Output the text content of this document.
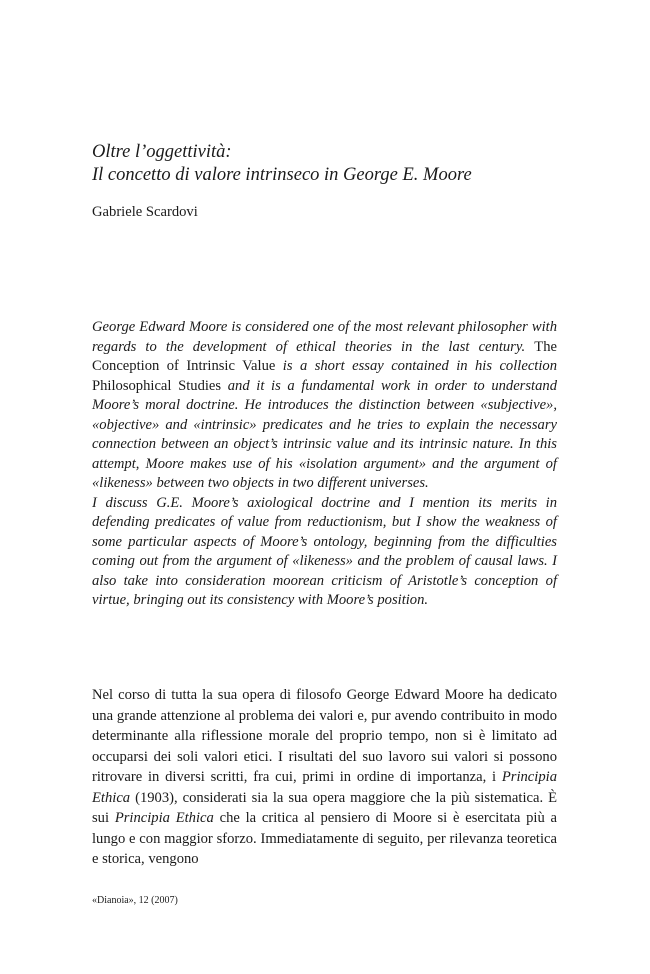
Oltre l’oggettività:

Il concetto di valore intrinseco in George E. Moore

Gabriele Scardovi

George Edward Moore is considered one of the most relevant philosopher with regards to the development of ethical theories in the last century. The Conception of Intrinsic Value is a short essay contained in his collection Philosophical Studies and it is a fundamental work in order to understand Moore’s moral doctrine. He introduces the distinction between «subjective», «objective» and «intrinsic» predicates and he tries to explain the necessary connection between an object’s intrinsic value and its intrinsic nature. In this attempt, Moore makes use of his «isolation argument» and the argument of «likeness» between two objects in two different universes.

I discuss G.E. Moore’s axiological doctrine and I mention its merits in defending predicates of value from reductionism, but I show the weakness of some particular aspects of Moore’s ontology, beginning from the difficulties coming out from the argument of «likeness» and the problem of causal laws. I also take into consideration moorean criticism of Aristotle’s conception of virtue, bringing out its consistency with Moore’s position.

Nel corso di tutta la sua opera di filosofo George Edward Moore ha dedicato una grande attenzione al problema dei valori e, pur avendo contribuito in modo determinante alla riflessione morale del proprio tempo, non si è limitato ad occuparsi dei soli valori etici. I risultati del suo lavoro sui valori si possono ritrovare in diversi scritti, fra cui, primi in ordine di importanza, i Principia Ethica (1903), considerati sia la sua opera maggiore che la più sistematica. È sui Principia Ethica che la critica al pensiero di Moore si è esercitata più a lungo e con maggior sforzo. Immediatamente di seguito, per rilevanza teoretica e storica, vengono

«Dianoia», 12 (2007)
